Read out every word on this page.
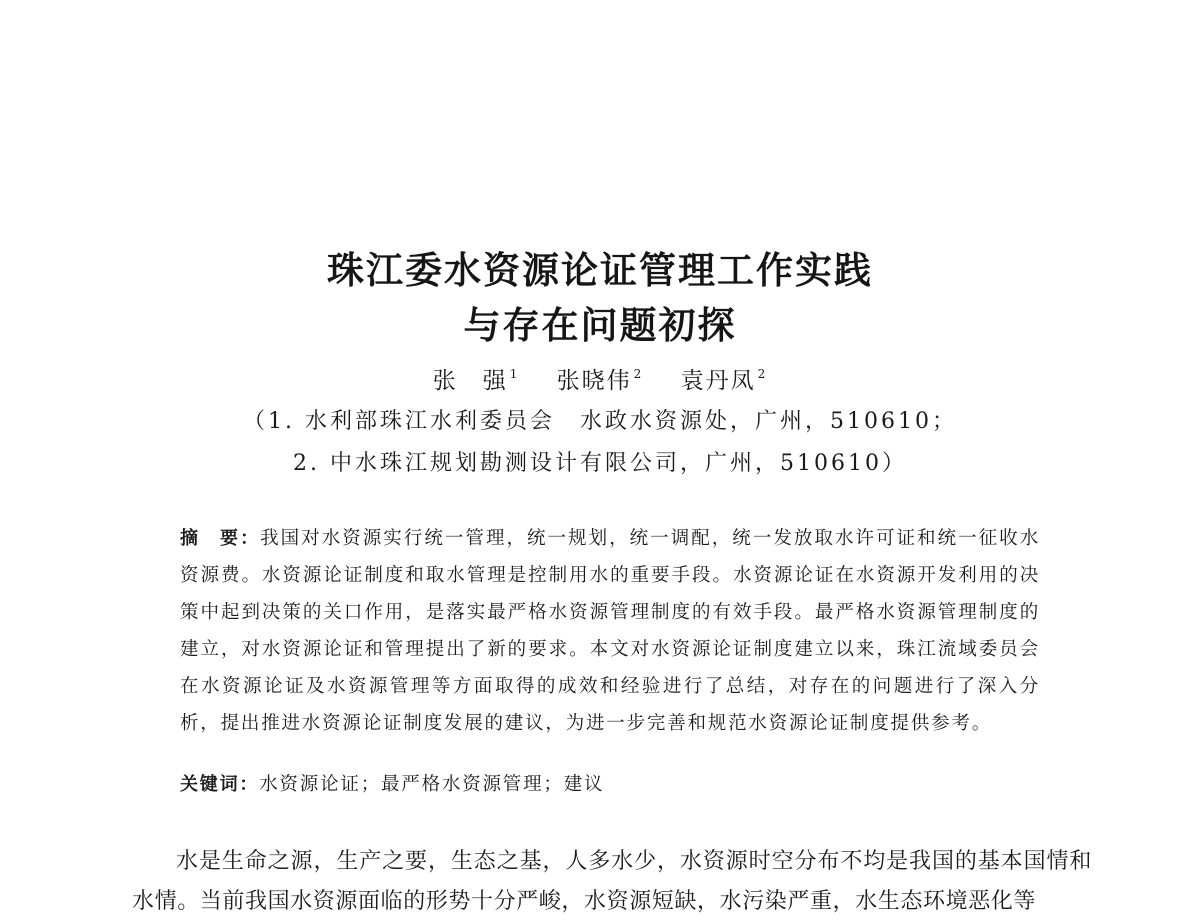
珠江委水资源论证管理工作实践
与存在问题初探
张　强 $^1$ 张晓伟 $^2$ 袁丹凤 $^2$
（1. 水利部珠江水利委员会　水政水资源处，广州，510610；
2. 中水珠江规划勘测设计有限公司，广州，510610）
摘　要：我国对水资源实行统一管理，统一规划，统一调配，统一发放取水许可证和统一征收水资源费。水资源论证制度和取水管理是控制用水的重要手段。水资源论证在水资源开发利用的决策中起到决策的关口作用，是落实最严格水资源管理制度的有效手段。最严格水资源管理制度的建立，对水资源论证和管理提出了新的要求。本文对水资源论证制度建立以来，珠江流域委员会在水资源论证及水资源管理等方面取得的成效和经验进行了总结，对存在的问题进行了深入分析，提出推进水资源论证制度发展的建议，为进一步完善和规范水资源论证制度提供参考。
关键词：水资源论证；最严格水资源管理；建议
水是生命之源，生产之要，生态之基，人多水少，水资源时空分布不均是我国的基本国情和水情。当前我国水资源面临的形势十分严峻，水资源短缺，水污染严重，水生态环境恶化等
